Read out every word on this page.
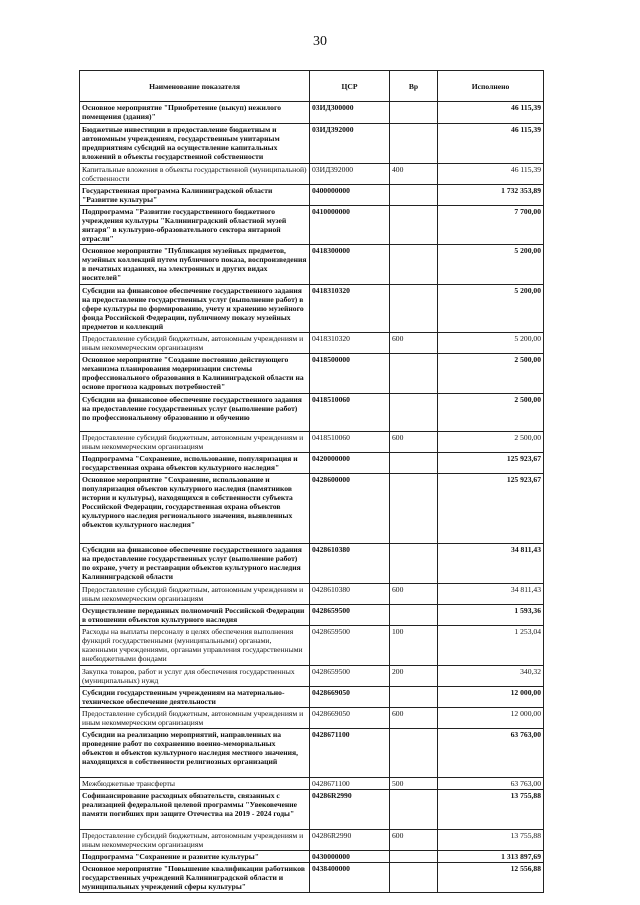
30
Наименование показателя	ЦСР	Вр	Исполнено
Основное мероприятие "Приобретение (выкуп) нежилого помещения (здания)"	03ИД300000		46 115,39
Бюджетные инвестиции в предоставление бюджетным и автономным учреждениям, государственным унитарным предприятиям субсидий на осуществление капитальных вложений в объекты государственной собственности	03ИД392000		46 115,39
Капитальные вложения в объекты государственной (муниципальной) собственности	03ИД392000	400	46 115,39
Государственная программа Калининградской области "Развитие культуры"	0400000000		1 732 353,89
Подпрограмма "Развитие государственного бюджетного учреждения культуры "Калининградский областной музей янтаря" в культурно-образовательного сектора янтарной отрасли"	0410000000		7 700,00
Основное мероприятие "Публикация музейных предметов, музейных коллекций путем публичного показа, воспроизведения в печатных изданиях, на электронных и других видах носителей"	0418300000		5 200,00
Субсидии на финансовое обеспечение государственного задания на предоставление государственных услуг (выполнение работ) в сфере культуры по формированию, учету и хранению музейного фонда Российской Федерации, публичному показу музейных предметов и коллекций	0418310320		5 200,00
Предоставление субсидий бюджетным, автономным учреждениям и иным некоммерческим организациям	0418310320	600	5 200,00
Основное мероприятие "Создание постоянно действующего механизма планирования модернизации системы профессионального образования в Калининградской области на основе прогноза кадровых потребностей"	0418500000		2 500,00
Субсидии на финансовое обеспечение государственного задания на предоставление государственных услуг (выполнение работ) по профессиональному образованию и обучению	0418510060		2 500,00
Предоставление субсидий бюджетным, автономным учреждениям и иным некоммерческим организациям	0418510060	600	2 500,00
Подпрограмма "Сохранение, использование, популяризация и государственная охрана объектов культурного наследия"	0420000000		125 923,67
Основное мероприятие "Сохранение, использование и популяризация объектов культурного наследия (памятников истории и культуры), находящихся в собственности субъекта Российской Федерации, государственная охрана объектов культурного наследия регионального значения, выявленных объектов культурного наследия"	0428600000		125 923,67
Субсидии на финансовое обеспечение государственного задания на предоставление государственных услуг (выполнение работ) по охране, учету и реставрации объектов культурного наследия Калининградской области	0428610380		34 811,43
Предоставление субсидий бюджетным, автономным учреждениям и иным некоммерческим организациям	0428610380	600	34 811,43
Осуществление переданных полномочий Российской Федерации в отношении объектов культурного наследия	0428659500		1 593,36
Расходы на выплаты персоналу в целях обеспечения выполнения функций государственными (муниципальными) органами, казенными учреждениями, органами управления государственными внебюджетными фондами	0428659500	100	1 253,04
Закупка товаров, работ и услуг для обеспечения государственных (муниципальных) нужд	0428659500	200	340,32
Субсидии государственным учреждениям на материально-техническое обеспечение деятельности	0428669050		12 000,00
Предоставление субсидий бюджетным, автономным учреждениям и иным некоммерческим организациям	0428669050	600	12 000,00
Субсидии на реализацию мероприятий, направленных на проведение работ по сохранению военно-мемориальных объектов и объектов культурного наследия местного значения, находящихся в собственности религиозных организаций	0428671100		63 763,00
Межбюджетные трансферты	0428671100	500	63 763,00
Софинансирование расходных обязательств, связанных с реализацией федеральной целевой программы "Увековечение памяти погибших при защите Отечества на 2019 - 2024 годы"	04286R2990		13 755,88
Предоставление субсидий бюджетным, автономным учреждениям и иным некоммерческим организациям	04286R2990	600	13 755,88
Подпрограмма "Сохранение и развитие культуры"	0430000000		1 313 897,69
Основное мероприятие "Повышение квалификации работников государственных учреждений Калининградской области и муниципальных учреждений сферы культуры"	0438400000		12 556,88
